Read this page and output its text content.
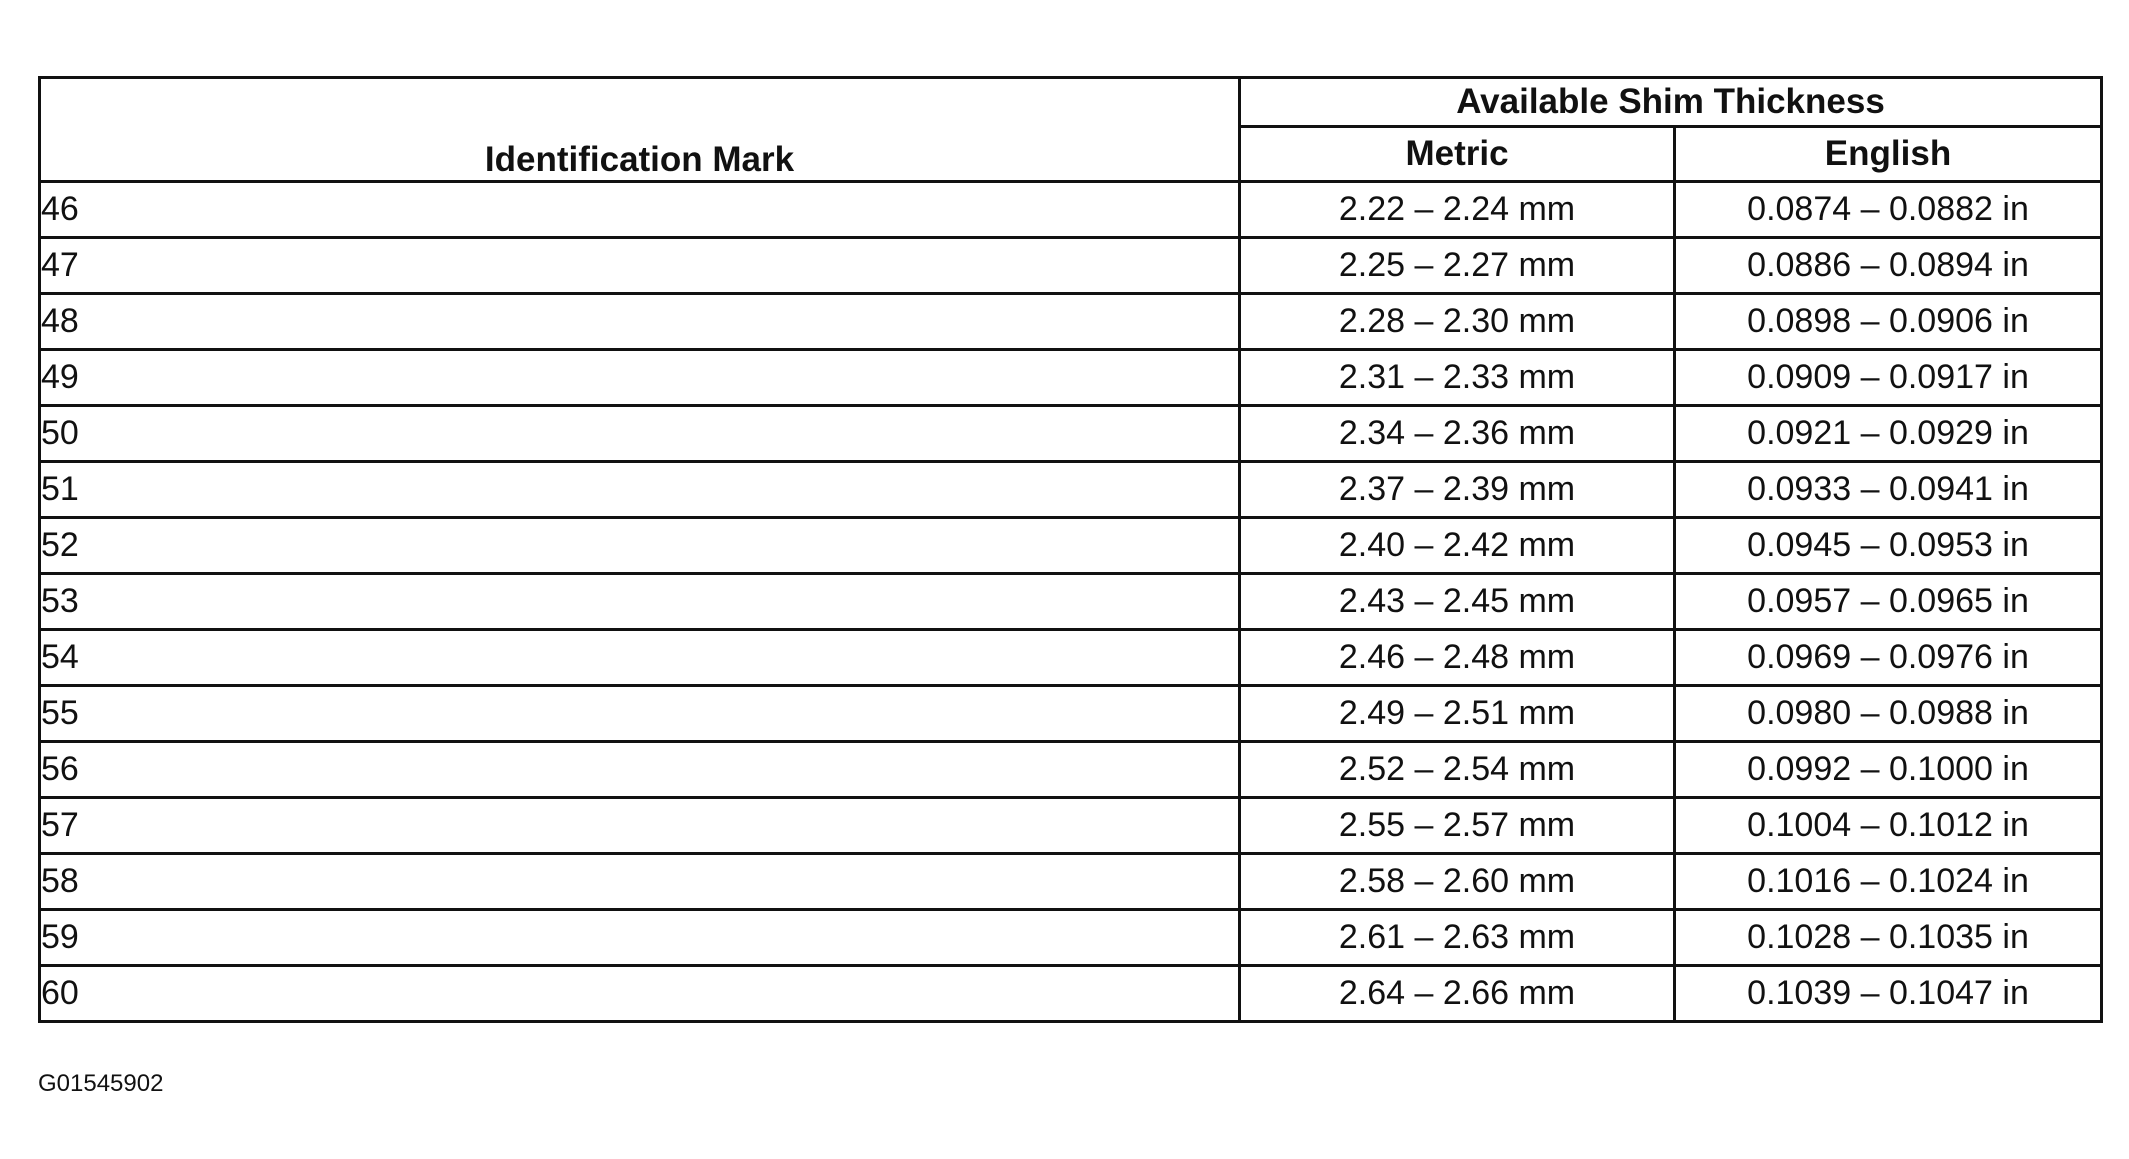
Identification Mark	Available Shim Thickness	
	Metric	English
46	2.22 – 2.24 mm	0.0874 – 0.0882 in
47	2.25 – 2.27 mm	0.0886 – 0.0894 in
48	2.28 – 2.30 mm	0.0898 – 0.0906 in
49	2.31 – 2.33 mm	0.0909 – 0.0917 in
50	2.34 – 2.36 mm	0.0921 – 0.0929 in
51	2.37 – 2.39 mm	0.0933 – 0.0941 in
52	2.40 – 2.42 mm	0.0945 – 0.0953 in
53	2.43 – 2.45 mm	0.0957 – 0.0965 in
54	2.46 – 2.48 mm	0.0969 – 0.0976 in
55	2.49 – 2.51 mm	0.0980 – 0.0988 in
56	2.52 – 2.54 mm	0.0992 – 0.1000 in
57	2.55 – 2.57 mm	0.1004 – 0.1012 in
58	2.58 – 2.60 mm	0.1016 – 0.1024 in
59	2.61 – 2.63 mm	0.1028 – 0.1035 in
60	2.64 – 2.66 mm	0.1039 – 0.1047 in
G01545902
